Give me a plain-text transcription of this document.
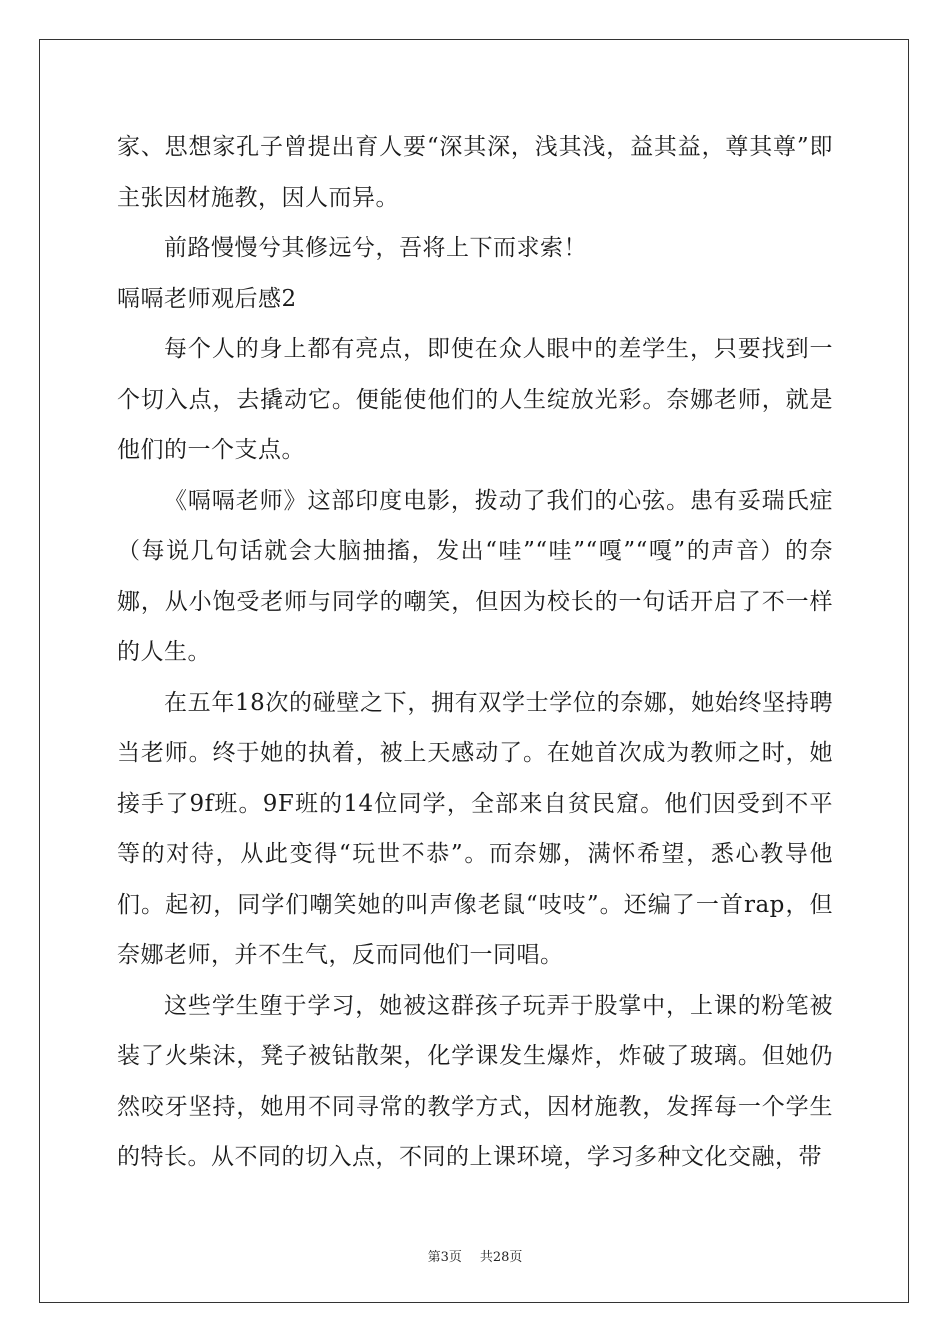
家、思想家孔子曾提出育人要“深其深，浅其浅，益其益，尊其尊”即主张因材施教，因人而异。

前路慢慢兮其修远兮，吾将上下而求索！

嗝嗝老师观后感2

每个人的身上都有亮点，即使在众人眼中的差学生，只要找到一个切入点，去撬动它。便能使他们的人生绽放光彩。奈娜老师，就是他们的一个支点。

《嗝嗝老师》这部印度电影，拨动了我们的心弦。患有妥瑞氏症（每说几句话就会大脑抽搐，发出“哇”“哇”“嘎”“嘎”的声音）的奈娜，从小饱受老师与同学的嘲笑，但因为校长的一句话开启了不一样的人生。

在五年18次的碰壁之下，拥有双学士学位的奈娜，她始终坚持聘当老师。终于她的执着，被上天感动了。在她首次成为教师之时，她接手了9f班。9F班的14位同学，全部来自贫民窟。他们因受到不平等的对待，从此变得“玩世不恭”。而奈娜，满怀希望，悉心教导他们。起初，同学们嘲笑她的叫声像老鼠“吱吱”。还编了一首rap，但奈娜老师，并不生气，反而同他们一同唱。

这些学生堕于学习，她被这群孩子玩弄于股掌中，上课的粉笔被装了火柴沫，凳子被钻散架，化学课发生爆炸，炸破了玻璃。但她仍然咬牙坚持，她用不同寻常的教学方式，因材施教，发挥每一个学生的特长。从不同的切入点，不同的上课环境，学习多种文化交融，带

第3页 共28页
